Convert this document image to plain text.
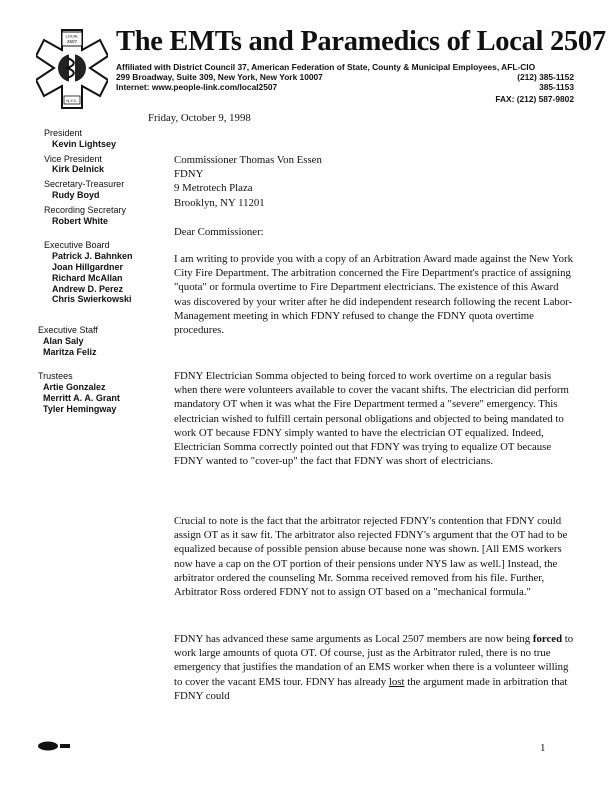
LOCAL
2507
N.Y.C.
The EMTs and Paramedics of Local 2507
Affiliated with District Council 37, American Federation of State, County & Municipal Employees, AFL-CIO
299 Broadway, Suite 309, New York, New York 10007
Internet: www.people-link.com/local2507
(212) 385-1152
385-1153
FAX: (212) 587-9802
President
Kevin Lightsey
Vice President
Kirk Delnick
Secretary-Treasurer
Rudy Boyd
Recording Secretary
Robert White
Executive Board
Patrick J. Bahnken
Joan Hillgardner
Richard McAllan
Andrew D. Perez
Chris Swierkowski
Executive Staff
Alan Saly
Maritza Feliz
Trustees
Artie Gonzalez
Merritt A. A. Grant
Tyler Hemingway
Friday, October 9, 1998

Commissioner Thomas Von Essen

FDNY

9 Metrotech Plaza

Brooklyn, NY 11201

Dear Commissioner:
I am writing to provide you with a copy of an Arbitration Award made against the New York City Fire Department. The arbitration concerned the Fire Department's practice of assigning "quota" or formula overtime to Fire Department electricians. The existence of this Award was discovered by your writer after he did independent research following the recent Labor-Management meeting in which FDNY refused to change the FDNY quota overtime procedures.
FDNY Electrician Somma objected to being forced to work overtime on a regular basis when there were volunteers available to cover the vacant shifts. The electrician did perform mandatory OT when it was what the Fire Department termed a "severe" emergency. This electrician wished to fulfill certain personal obligations and objected to being mandated to work OT because FDNY simply wanted to have the electrician OT equalized. Indeed, Electrician Somma correctly pointed out that FDNY was trying to equalize OT because FDNY wanted to "cover-up" the fact that FDNY was short of electricians.
Crucial to note is the fact that the arbitrator rejected FDNY's contention that FDNY could assign OT as it saw fit. The arbitrator also rejected FDNY's argument that the OT had to be equalized because of possible pension abuse because none was shown. [All EMS workers now have a cap on the OT portion of their pensions under NYS law as well.] Instead, the arbitrator ordered the counseling Mr. Somma received removed from his file. Further, Arbitrator Ross ordered FDNY not to assign OT based on a "mechanical formula."
FDNY has advanced these same arguments as Local 2507 members are now being forced to work large amounts of quota OT. Of course, just as the Arbitrator ruled, there is no true emergency that justifies the mandation of an EMS worker when there is a volunteer willing to cover the vacant EMS tour. FDNY has already lost the argument made in arbitration that FDNY could
1
